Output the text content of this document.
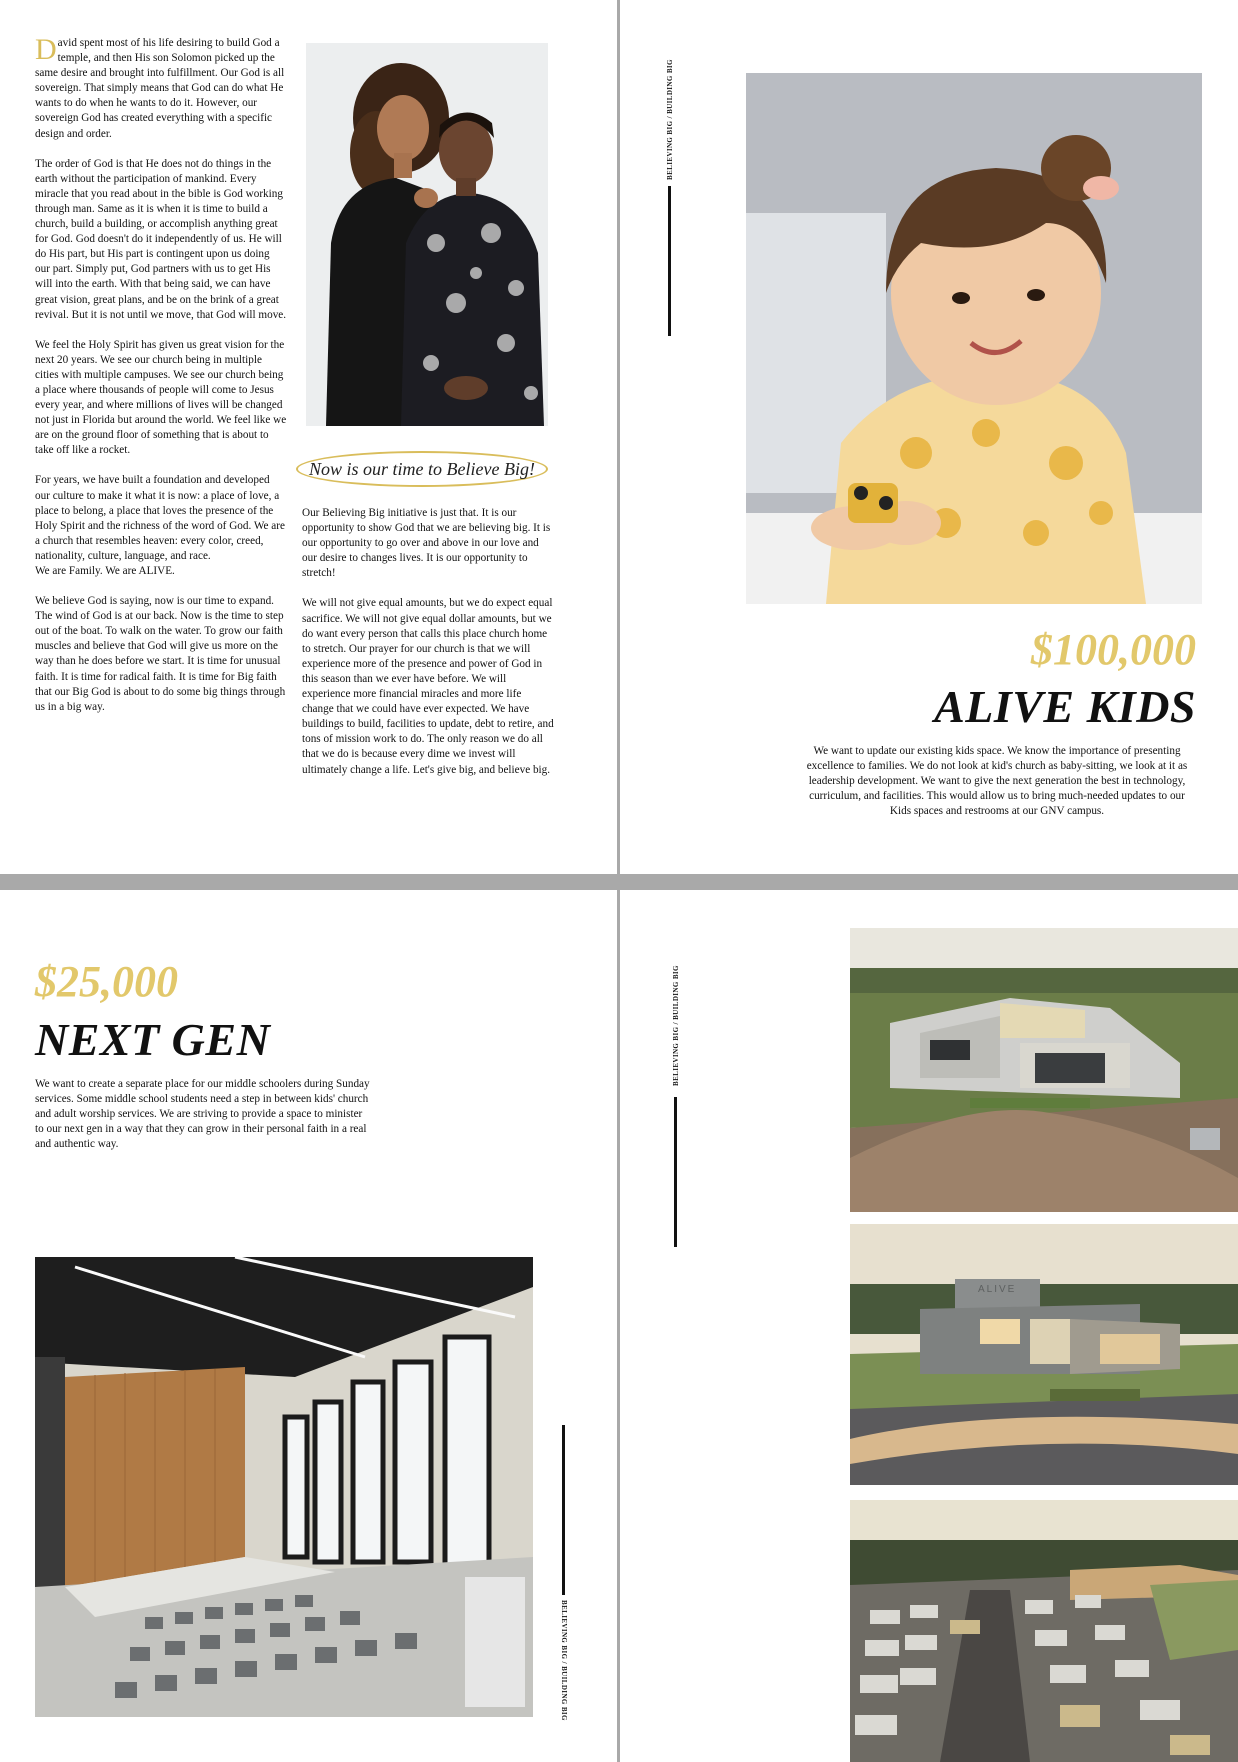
David spent most of his life desiring to build God a temple, and then His son Solomon picked up the same desire and brought into fulfillment. Our God is all sovereign. That simply means that God can do what He wants to do when he wants to do it. However, our sovereign God has created everything with a specific design and order.

The order of God is that He does not do things in the earth without the participation of mankind. Every miracle that you read about in the bible is God working through man. Same as it is when it is time to build a church, build a building, or accomplish anything great for God. God doesn't do it independently of us. He will do His part, but His part is contingent upon us doing our part. Simply put, God partners with us to get His will into the earth. With that being said, we can have great vision, great plans, and be on the brink of a great revival. But it is not until we move, that God will move.

We feel the Holy Spirit has given us great vision for the next 20 years. We see our church being in multiple cities with multiple campuses. We see our church being a place where thousands of people will come to Jesus every year, and where millions of lives will be changed not just in Florida but around the world. We feel like we are on the ground floor of something that is about to take off like a rocket.

For years, we have built a foundation and developed our culture to make it what it is now: a place of love, a place to belong, a place that loves the presence of the Holy Spirit and the richness of the word of God. We are a church that resembles heaven: every color, creed, nationality, culture, language, and race.

We are Family. We are ALIVE.

We believe God is saying, now is our time to expand. The wind of God is at our back. Now is the time to step out of the boat. To walk on the water. To grow our faith muscles and believe that God will give us more on the way than he does before we start. It is time for unusual faith. It is time for radical faith. It is time for Big faith that our Big God is about to do some big things through us in a big way.

Now is our time to Believe Big!

Our Believing Big initiative is just that. It is our opportunity to show God that we are believing big. It is our opportunity to go over and above in our love and our desire to changes lives. It is our opportunity to stretch!

We will not give equal amounts, but we do expect equal sacrifice. We will not give equal dollar amounts, but we do want every person that calls this place church home to stretch. Our prayer for our church is that we will experience more of the presence and power of God in this season than we ever have before. We will experience more financial miracles and more life change that we could have ever expected. We have buildings to build, facilities to update, debt to retire, and tons of mission work to do. The only reason we do all that we do is because every dime we invest will ultimately change a life. Let's give big, and believe big.

BELIEVING BIG / BUILDING BIG
$100,000
ALIVE KIDS
We want to update our existing kids space. We know the importance of presenting excellence to families. We do not look at kid's church as baby-sitting, we look at it as leadership development. We want to give the next generation the best in technology, curriculum, and facilities. This would allow us to bring much-needed updates to our Kids spaces and restrooms at our GNV campus.
$25,000
NEXT GEN
We want to create a separate place for our middle schoolers during Sunday services. Some middle school students need a step in between kids' church and adult worship services. We are striving to provide a space to minister to our next gen in a way that they can grow in their personal faith in a real and authentic way.
BELIEVING BIG / BUILDING BIG
BELIEVING BIG / BUILDING BIG
ALIVE
